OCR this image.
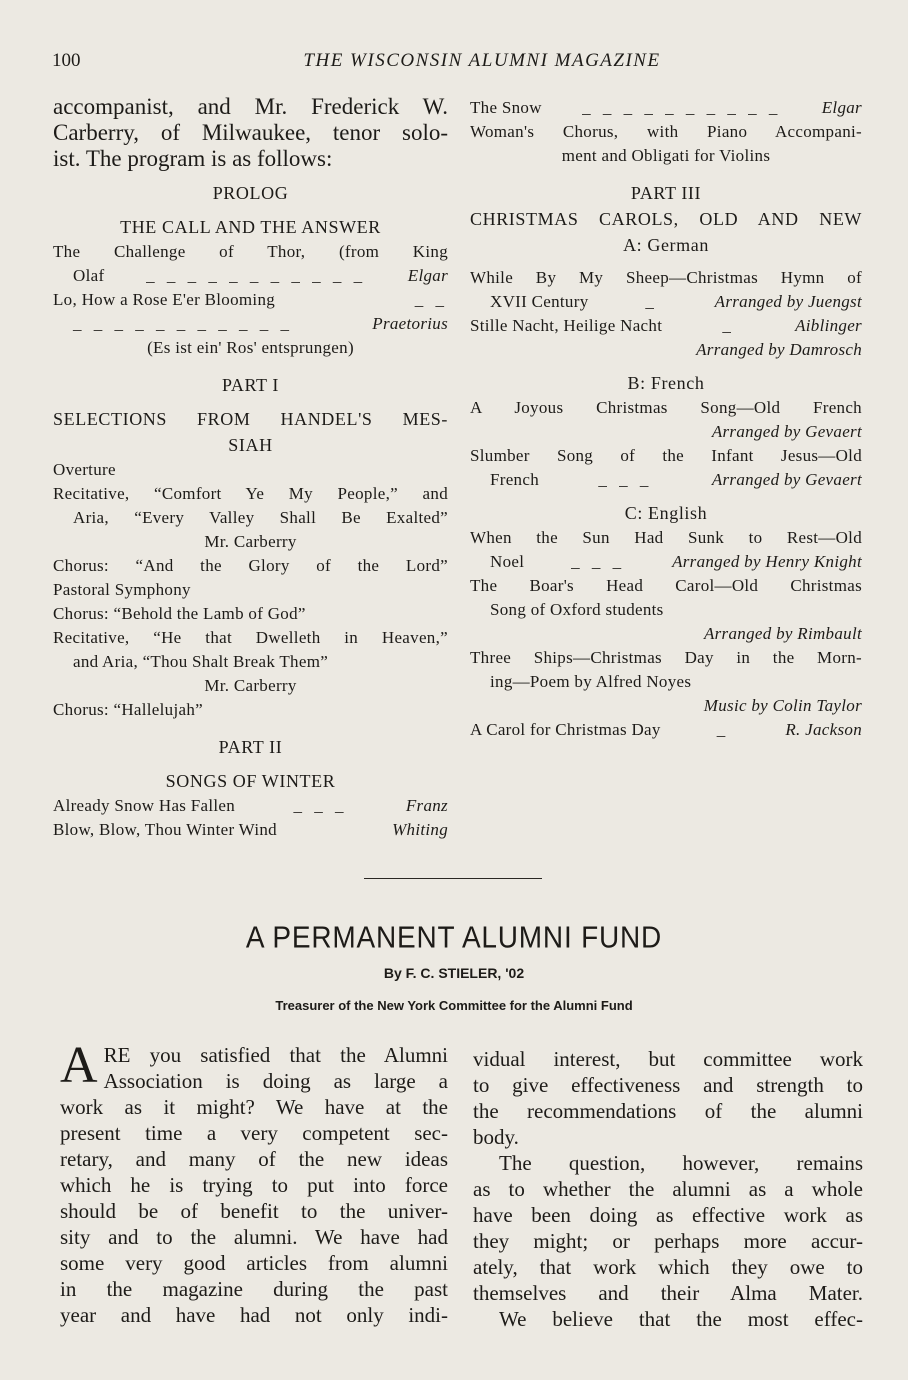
100	THE WISCONSIN ALUMNI MAGAZINE
accompanist, and Mr. Frederick W.
Carberry, of Milwaukee, tenor solo-
ist. The program is as follows:
PROLOG
THE CALL AND THE ANSWER
The Challenge of Thor, (from King
Olaf _ _ _ _ _ _ _ _ _ _ _ Elgar
Lo, How a Rose E'er Blooming	_ _
_ _ _ _ _ _ _ _ _ _ _	Praetorius
(Es ist ein' Ros' entsprungen)
PART I
SELECTIONS FROM HANDEL'S MES-
SIAH
Overture
Recitative, “Comfort Ye My People,” and
Aria, “Every Valley Shall Be Exalted”
Mr. Carberry
Chorus: “And the Glory of the Lord”
Pastoral Symphony
Chorus: “Behold the Lamb of God”
Recitative, “He that Dwelleth in Heaven,”
and Aria, “Thou Shalt Break Them”
Mr. Carberry
Chorus: “Hallelujah”
PART II
SONGS OF WINTER
Already Snow Has Fallen	_ _ _	Franz
Blow, Blow, Thou Winter Wind	Whiting
The Snow _ _ _ _ _ _ _ _ _ _ Elgar
Woman's Chorus, with Piano Accompani-
ment and Obligati for Violins
PART III
CHRISTMAS CAROLS, OLD AND NEW
A: German
While By My Sheep—Christmas Hymn of
XVII Century	_	Arranged by Juengst
Stille Nacht, Heilige Nacht	_	Aiblinger
Arranged by Damrosch
B: French
A Joyous Christmas Song—Old French
Arranged by Gevaert
Slumber Song of the Infant Jesus—Old
French	_ _ _	Arranged by Gevaert
C: English
When the Sun Had Sunk to Rest—Old
Noel	_ _ _	Arranged by Henry Knight
The Boar's Head Carol—Old Christmas
Song of Oxford students
Arranged by Rimbault
Three Ships—Christmas Day in the Morn-
ing—Poem by Alfred Noyes
Music by Colin Taylor
A Carol for Christmas Day	_	R. Jackson
A PERMANENT ALUMNI FUND
By F. C. STIELER, '02
Treasurer of the New York Committee for the Alumni Fund
A RE you satisfied that the Alumni
Association is doing as large a
work as it might? We have at the
present time a very competent sec-
retary, and many of the new ideas
which he is trying to put into force
should be of benefit to the univer-
sity and to the alumni. We have had
some very good articles from alumni
in the magazine during the past
year and have had not only indi-
vidual interest, but committee work
to give effectiveness and strength to
the recommendations of the alumni
body.
The question, however, remains
as to whether the alumni as a whole
have been doing as effective work as
they might; or perhaps more accur-
ately, that work which they owe to
themselves and their Alma Mater.
We believe that the most effec-
